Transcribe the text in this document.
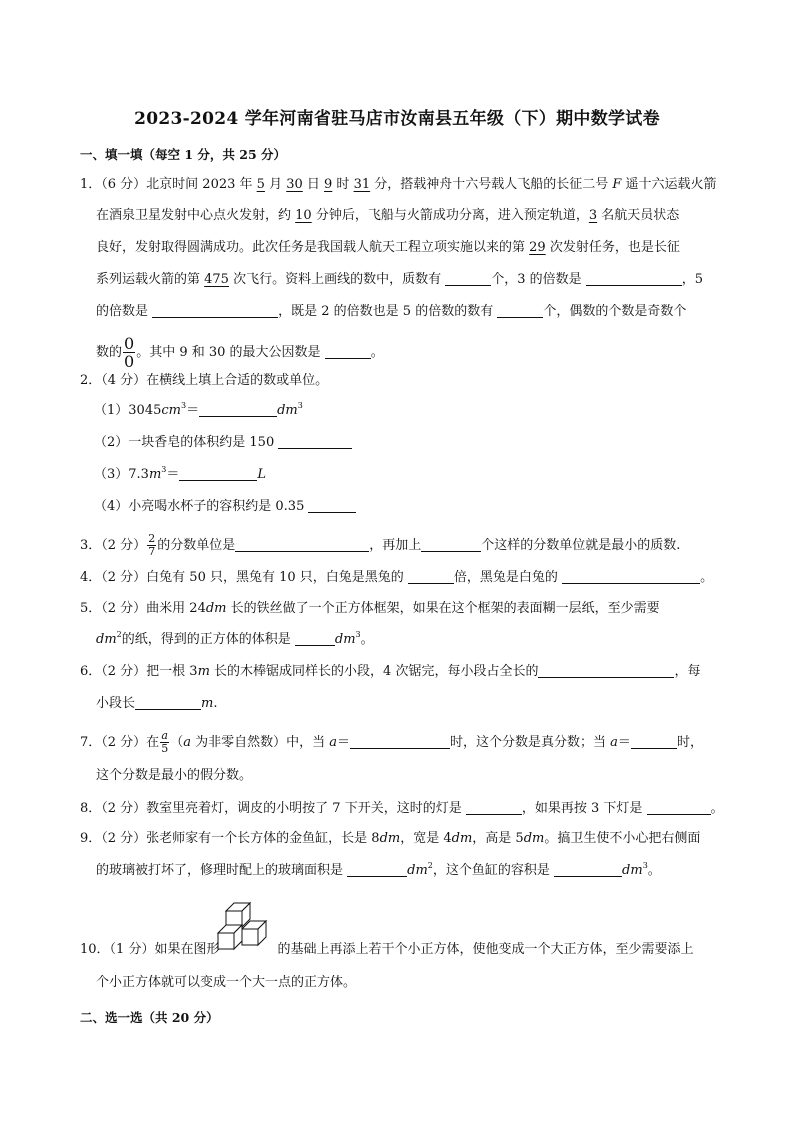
2023-2024 学年河南省驻马店市汝南县五年级（下）期中数学试卷
一、填一填（每空 1 分，共 25 分）
1．（6 分）北京时间 2023 年 5 月 30 日 9 时 31 分，搭载神舟十六号载人飞船的长征二号 F 遥十六运载火箭
在酒泉卫星发射中心点火发射，约 10 分钟后，飞船与火箭成功分离，进入预定轨道，3 名航天员状态
良好，发射取得圆满成功。此次任务是我国载人航天工程立项实施以来的第 29 次发射任务，也是长征
系列运载火箭的第 475 次飞行。资料上画线的数中，质数有	个，3 的倍数是	，5
的倍数是	，既是 2 的倍数也是 5 的倍数的数有	个，偶数的个数是奇数个
数的 $\frac{0}{0}$ 。其中 9 和 30 的最大公因数是	。
2．（4 分）在横线上填上合适的数或单位。
$(1)3045cm^3=$	$dm^3$
（2）一块香皂的体积约是 150
$(3)7.3m^3=$	L
（4）小亮喝水杯子的容积约是 0.35
3．（2 分） $\frac{2}{7}$ 的分数单位是	，再加上	个这样的分数单位就是最小的质数.
4．（2 分）白兔有 50 只，黑兔有 10 只，白兔是黑兔的	倍，黑兔是白兔的	。
5．（2 分）曲米用 24dm 长的铁丝做了一个正方体框架，如果在这个框架的表面糊一层纸，至少需要
$dm^2$的纸，得到的正方体的体积是	$dm^3$。
6．（2 分）把一根 3m 长的木棒锯成同样长的小段，4 次锯完，每小段占全长的	，每
小段长	m.
7．（2 分）在 $\frac{a}{5} (a$ 为非零自然数）中，当 a＝	时，这个分数是真分数；当 a＝	时，
这个分数是最小的假分数。
8．（2 分）教室里亮着灯，调皮的小明按了 7 下开关，这时的灯是	，如果再按 3 下灯是	。
9．（2 分）张老师家有一个长方体的金鱼缸，长是 8dm，宽是 4dm，高是 5dm。搞卫生使不小心把右侧面
的玻璃被打坏了，修理时配上的玻璃面积是	$dm^2$，这个鱼缸的容积是	$dm^3$。
10．（1 分）如果在图形	的基础上再添上若干个小正方体，使他变成一个大正方体，至少需要添上
个小正方体就可以变成一个大一点的正方体。
二、选一选（共 20 分）
